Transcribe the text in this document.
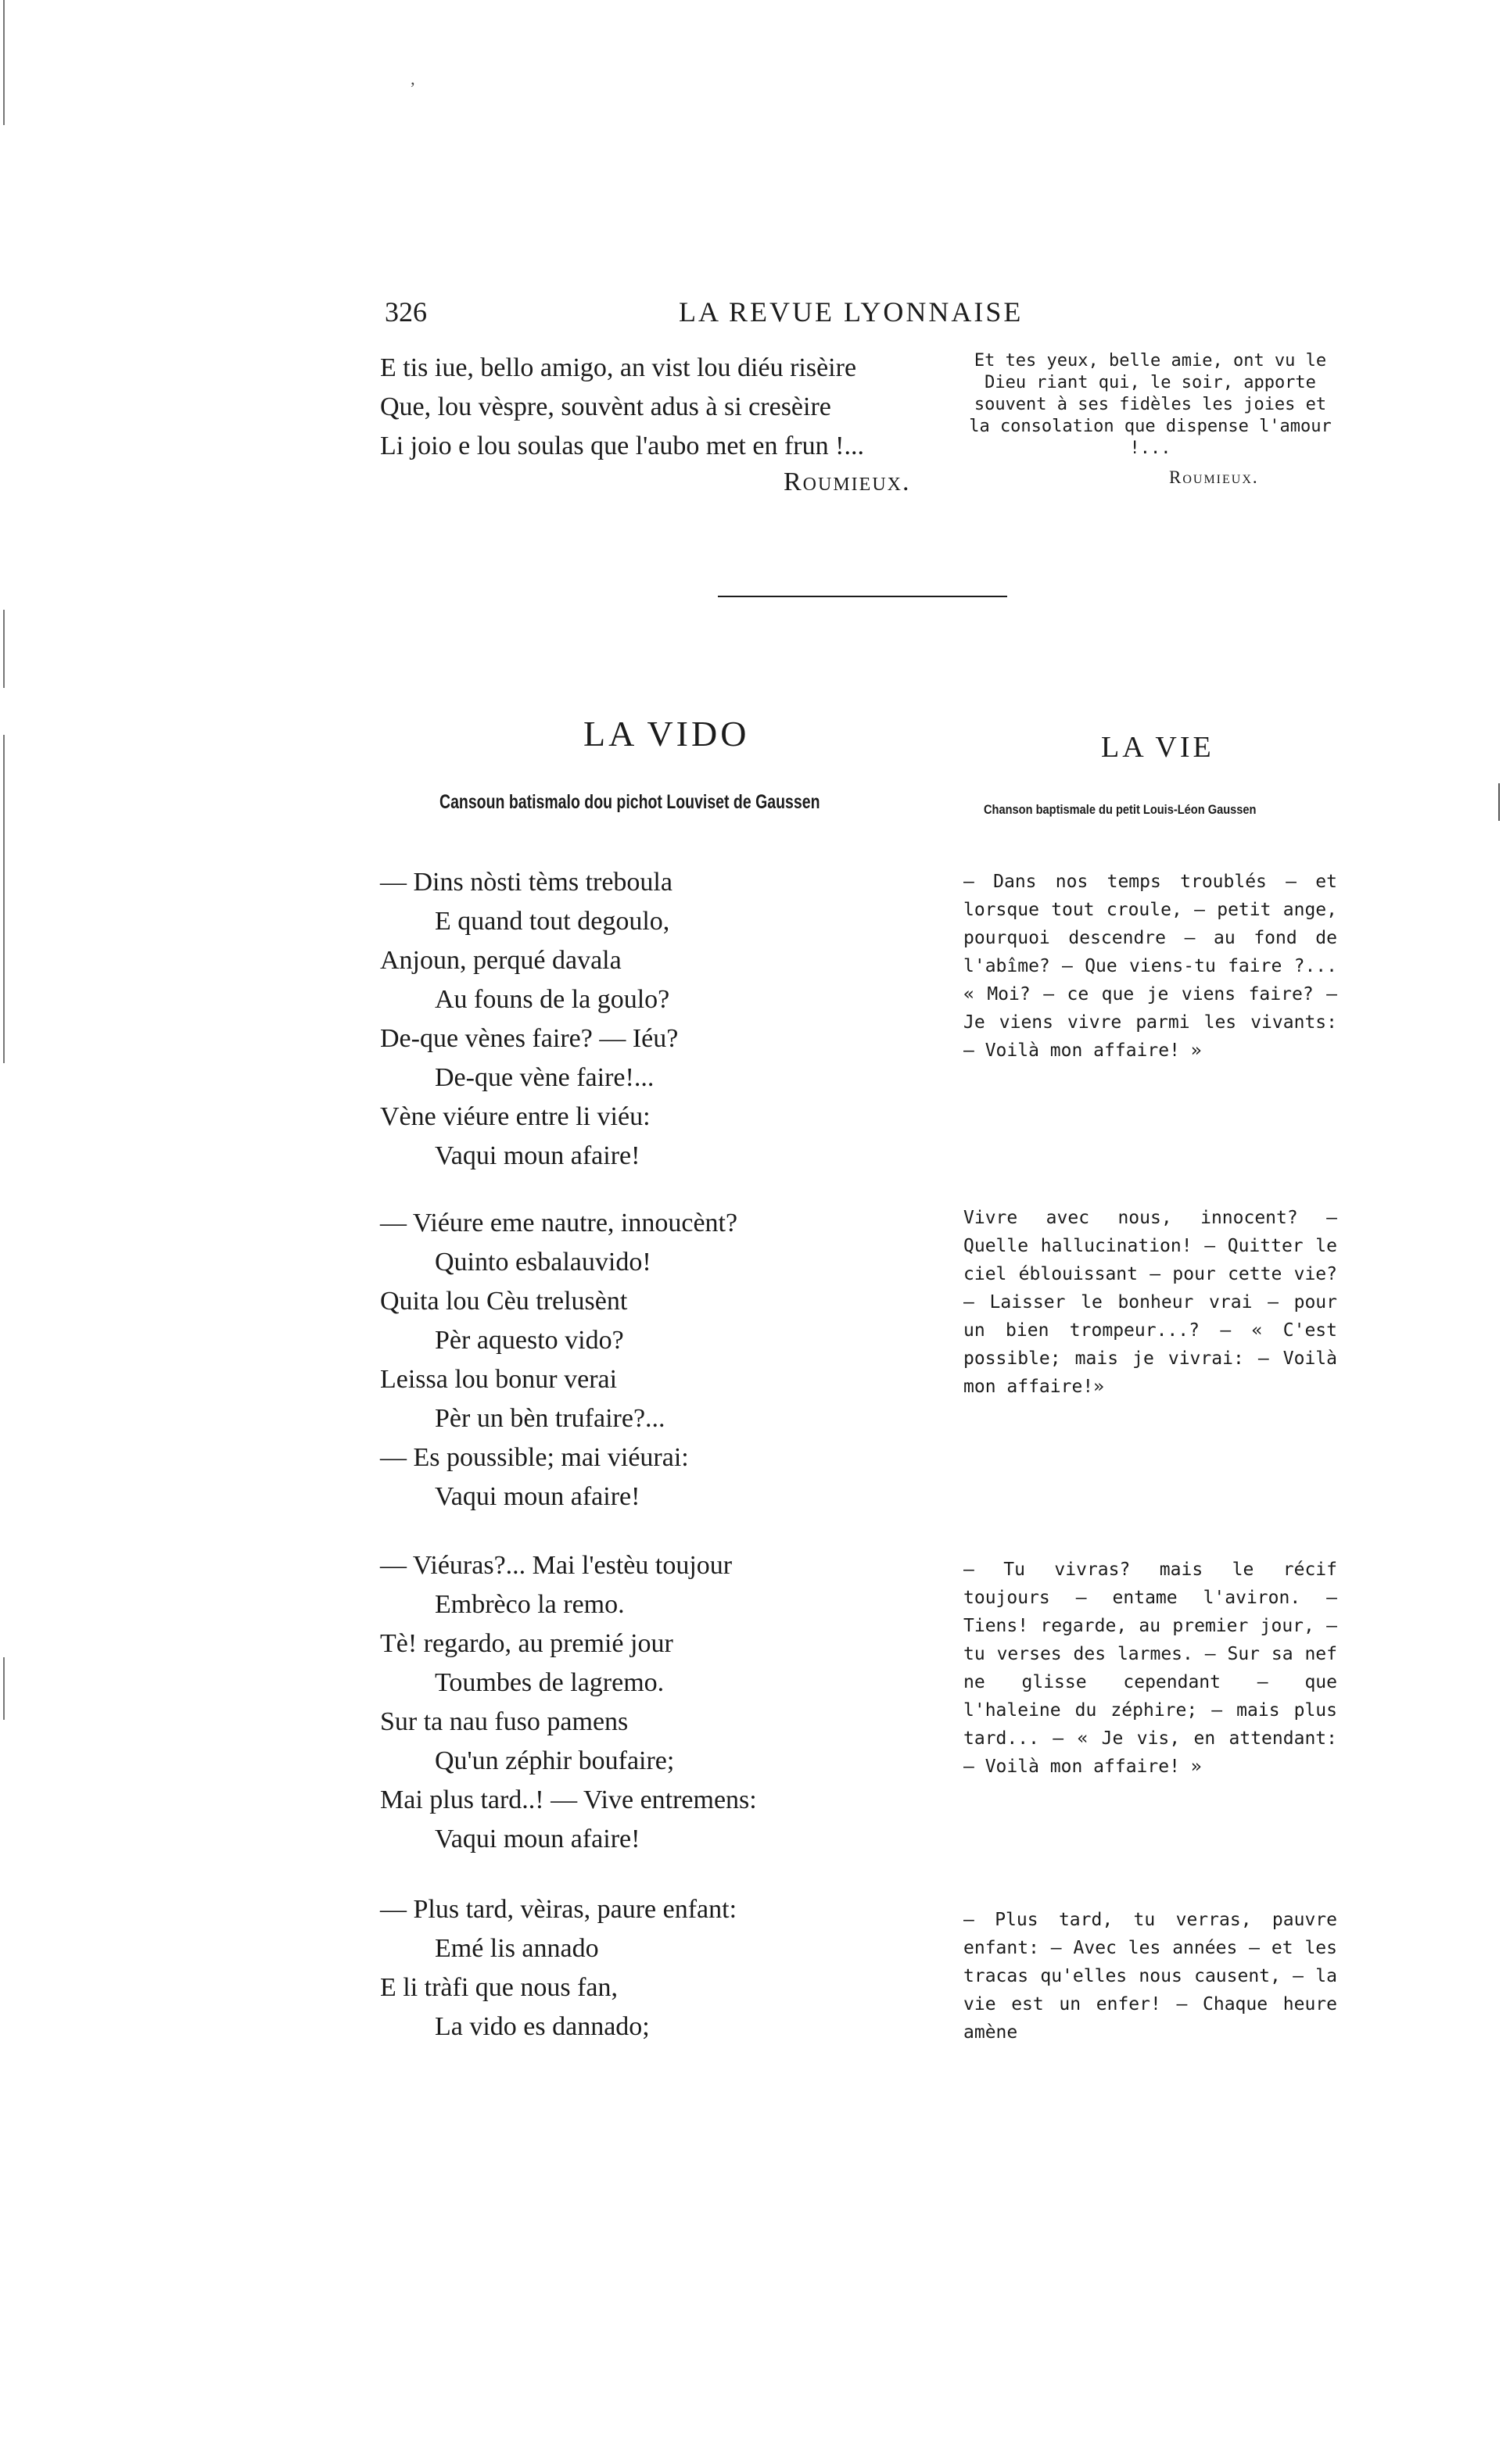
’
326	LA REVUE LYONNAISE
E tis iue, bello amigo, an vist lou diéu risèire
Que, lou vèspre, souvènt adus à si cresèire
Li joio e lou soulas que l'aubo met en frun !...
Roumieux.

Et tes yeux, belle amie, ont vu le Dieu riant qui, le soir, apporte souvent à ses fidèles les joies et la consolation que dispense l'amour !...

Roumieux.
LA VIDO
Cansoun batismalo dou pichot Louviset de Gaussen
LA VIE
Chanson baptismale du petit Louis-Léon Gaussen
— Dins nòsti tèms treboula
E quand tout degoulo,
Anjoun, perqué davala
Au founs de la goulo?
De-que vènes faire? — Iéu?
De-que vène faire!...
Vène viéure entre li viéu:
Vaqui moun afaire!

— Dans nos temps troublés — et lorsque tout croule, — petit ange, pourquoi descendre — au fond de l'abîme? — Que viens-tu faire ?... « Moi? — ce que je viens faire? — Je viens vivre parmi les vivants: — Voilà mon affaire! »

— Viéure eme nautre, innoucènt?
Quinto esbalauvido!
Quita lou Cèu trelusènt
Pèr aquesto vido?
Leissa lou bonur verai
Pèr un bèn trufaire?...
— Es poussible; mai viéurai:
Vaqui moun afaire!

Vivre avec nous, innocent? — Quelle hallucination! — Quitter le ciel éblouissant — pour cette vie? — Laisser le bonheur vrai — pour un bien trompeur...? — « C'est possible; mais je vivrai: — Voilà mon affaire!»

— Viéuras?... Mai l'estèu toujour
Embrèco la remo.
Tè! regardo, au premié jour
Toumbes de lagremo.
Sur ta nau fuso pamens
Qu'un zéphir boufaire;
Mai plus tard..! — Vive entremens:
Vaqui moun afaire!

— Tu vivras? mais le récif toujours — entame l'aviron. — Tiens! regarde, au premier jour, — tu verses des larmes. — Sur sa nef ne glisse cependant — que l'haleine du zéphire; — mais plus tard... — « Je vis, en attendant: — Voilà mon affaire! »

— Plus tard, vèiras, paure enfant:
Emé lis annado
E li tràfi que nous fan,
La vido es dannado;

— Plus tard, tu verras, pauvre enfant: — Avec les années — et les tracas qu'elles nous causent, — la vie est un enfer! — Chaque heure amène
